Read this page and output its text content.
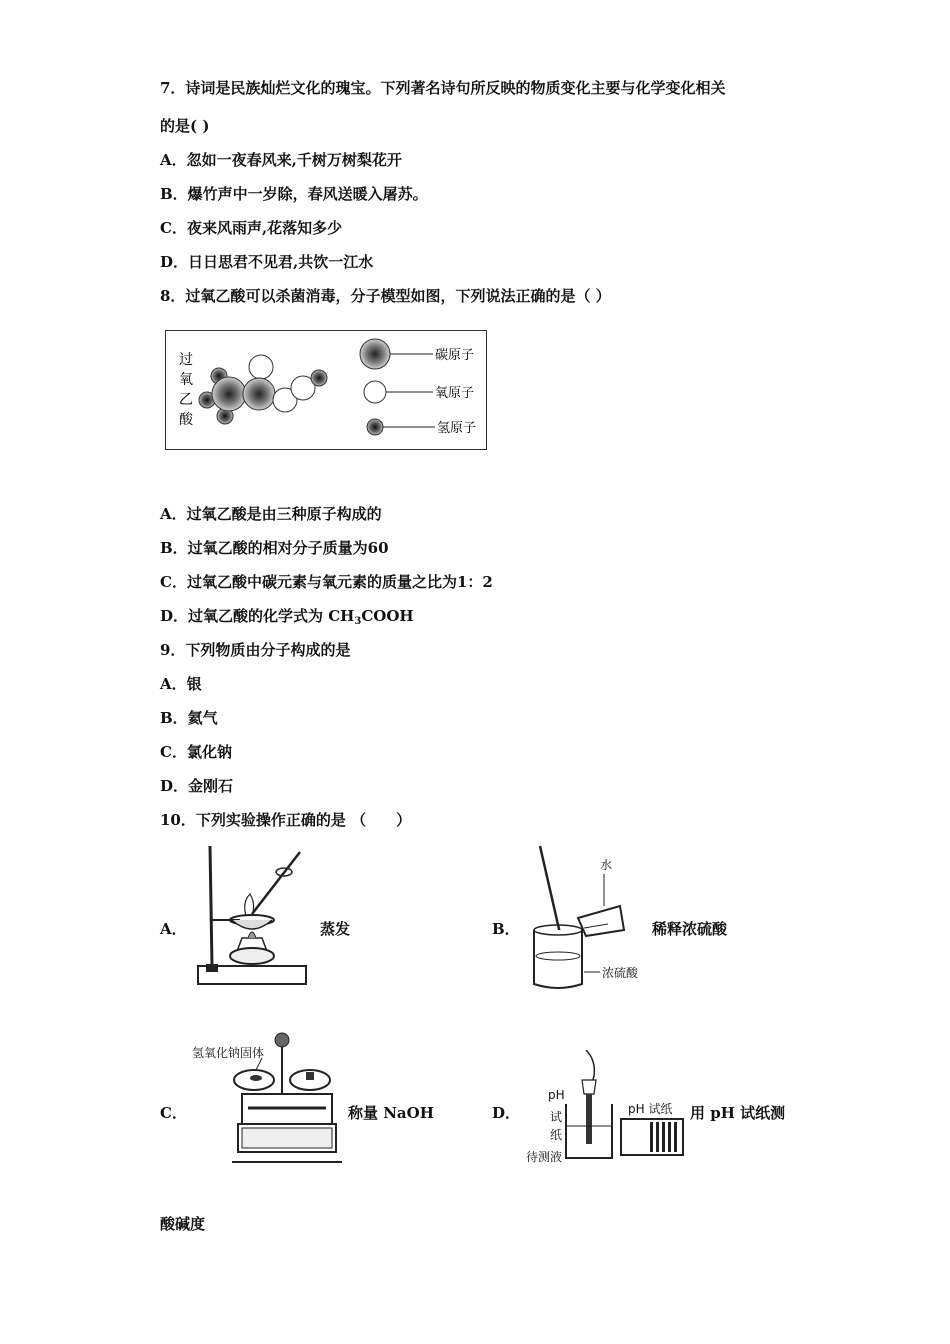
7．诗词是民族灿烂文化的瑰宝。下列著名诗句所反映的物质变化主要与化学变化相关
的是( )
A．忽如一夜春风来,千树万树梨花开
B．爆竹声中一岁除，春风送暖入屠苏。
C．夜来风雨声,花落知多少
D．日日思君不见君,共饮一江水
8．过氧乙酸可以杀菌消毒，分子模型如图，下列说法正确的是（ ）
过
氧
乙
酸
碳原子
氧原子
氢原子
A．过氧乙酸是由三种原子构成的
B．过氧乙酸的相对分子质量为60
C．过氧乙酸中碳元素与氧元素的质量之比为1：2
D．过氧乙酸的化学式为 $CH_3COOH$
9．下列物质由分子构成的是
A．银
B．氦气
C．氯化钠
D．金刚石
10．下列实验操作正确的是 （　　）
A．	蒸发	B．
水
浓硫酸
稀释浓硫酸
C．
氢氧化钠固体
称量 NaOH	D．
pH
试
纸
待测液
pH 试纸 用 pH 试纸测
酸碱度
